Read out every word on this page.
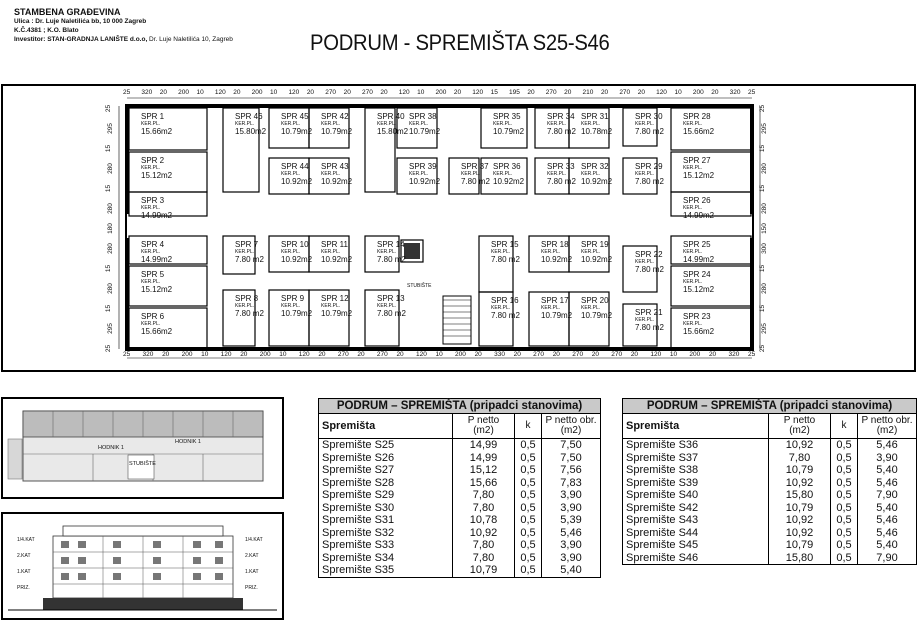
STAMBENA GRAĐEVINA
Ulica : Dr. Luje Naletilića bb, 10 000 Zagreb
K.Č.4381 ; K.O. Blato
Investitor: STAN-GRADNJA LANIŠTE d.o.o, Dr. Luje Naletilića 10, Zagreb	PODRUM - SPREMIŠTA S25-S46
SPR 1
KER.PL.
15.66m2
SPR 2
KER.PL.
15.12m2
SPR 3
KER.PL.
14.99m2
SPR 4
KER.PL.
14.99m2
SPR 5
KER.PL.
15.12m2
SPR 6
KER.PL.
15.66m2
SPR 7
KER.PL.
7.80 m2
SPR 8
KER.PL.
7.80 m2
SPR 9
KER.PL.
10.79m2
SPR 10
KER.PL.
10.92m2
SPR 11
KER.PL.
10.92m2
SPR 12
KER.PL.
10.79m2
SPR 13
KER.PL.
7.80 m2
SPR 14
KER.PL.
7.80 m2
SPR 15
KER.PL.
7.80 m2
SPR 16
KER.PL.
7.80 m2
SPR 17
KER.PL.
10.79m2
SPR 18
KER.PL.
10.92m2
SPR 19
KER.PL.
10.92m2
SPR 20
KER.PL.
10.79m2	SPR 21
KER.PL.
7.80 m2
SPR 22
KER.PL.
7.80 m2
SPR 23
KER.PL.
15.66m2
SPR 24
KER.PL.
15.12m2
SPR 25
KER.PL.
14.99m2
SPR 26
KER.PL.
14.99m2
SPR 27
KER.PL.
15.12m2
SPR 28
KER.PL.
15.66m2
SPR 29
KER.PL.
7.80 m2
SPR 30
KER.PL.
7.80 m2
SPR 31
KER.PL.
10.78m2
SPR 32
KER.PL.
10.92m2
SPR 33
KER.PL.
7.80 m2
SPR 34
KER.PL.
7.80 m2
SPR 35
KER.PL.
10.79m2
SPR 36
KER.PL.
10.92m2
SPR 37
KER.PL.
7.80 m2
SPR 38
KER.PL.
10.79m2
SPR 39
KER.PL.
10.92m2
SPR 40
KER.PL.
15.80m2
SPR 42
KER.PL.
10.79m2
SPR 43
KER.PL.
10.92m2
SPR 44
KER.PL.
10.92m2
SPR 45
KER.PL.
10.79m2
SPR 46
KER.PL.
15.80m2
STUBIŠTE
25 320 20 200 10 120 20 200 10 120 20 270 20 270 20 120 10 200 20 120 15 195 20 270 20 210 20 270 20 120 10 200 20 320 25
25 320 20 200 10 120 20 200 10 120 20 270 20 270 20 120 10 200 20 330 20 270 20 270 20 270 20 120 10 200 20 320 25
25
295
15
280
15
280
180
280
15
280
15
295
25
25
295
15
280
15
280
150
300
15
280
15
295
25
HODNIK 1
HODNIK 1
STUBIŠTE
1/4.KAT
2.KAT
1.KAT
PRIZ.
1/4.KAT
2.KAT
1.KAT
PRIZ.
PODRUM – SPREMIŠTA (pripadci stanovima)			
Spremišta	P netto
(m2)	k	P netto obr.
(m2)
Spremište S25	14,99	0,5	7,50
Spremište S26	14,99	0,5	7,50
Spremište S27	15,12	0,5	7,56
Spremište S28	15,66	0,5	7,83
Spremište S29	7,80	0,5	3,90
Spremište S30	7,80	0,5	3,90
Spremište S31	10,78	0,5	5,39
Spremište S32	10,92	0,5	5,46
Spremište S33	7,80	0,5	3,90
Spremište S34	7,80	0,5	3,90
Spremište S35	10,79	0,5	5,40
PODRUM – SPREMIŠTA (pripadci stanovima)			
Spremišta	P netto
(m2)	k	P netto obr.
(m2)
Spremište S36	10,92	0,5	5,46
Spremište S37	7,80	0,5	3,90
Spremište S38	10,79	0,5	5,40
Spremište S39	10,92	0,5	5,46
Spremište S40	15,80	0,5	7,90
Spremište S42	10,79	0,5	5,40
Spremište S43	10,92	0,5	5,46
Spremište S44	10,92	0,5	5,46
Spremište S45	10,79	0,5	5,40
Spremište S46	15,80	0,5	7,90
